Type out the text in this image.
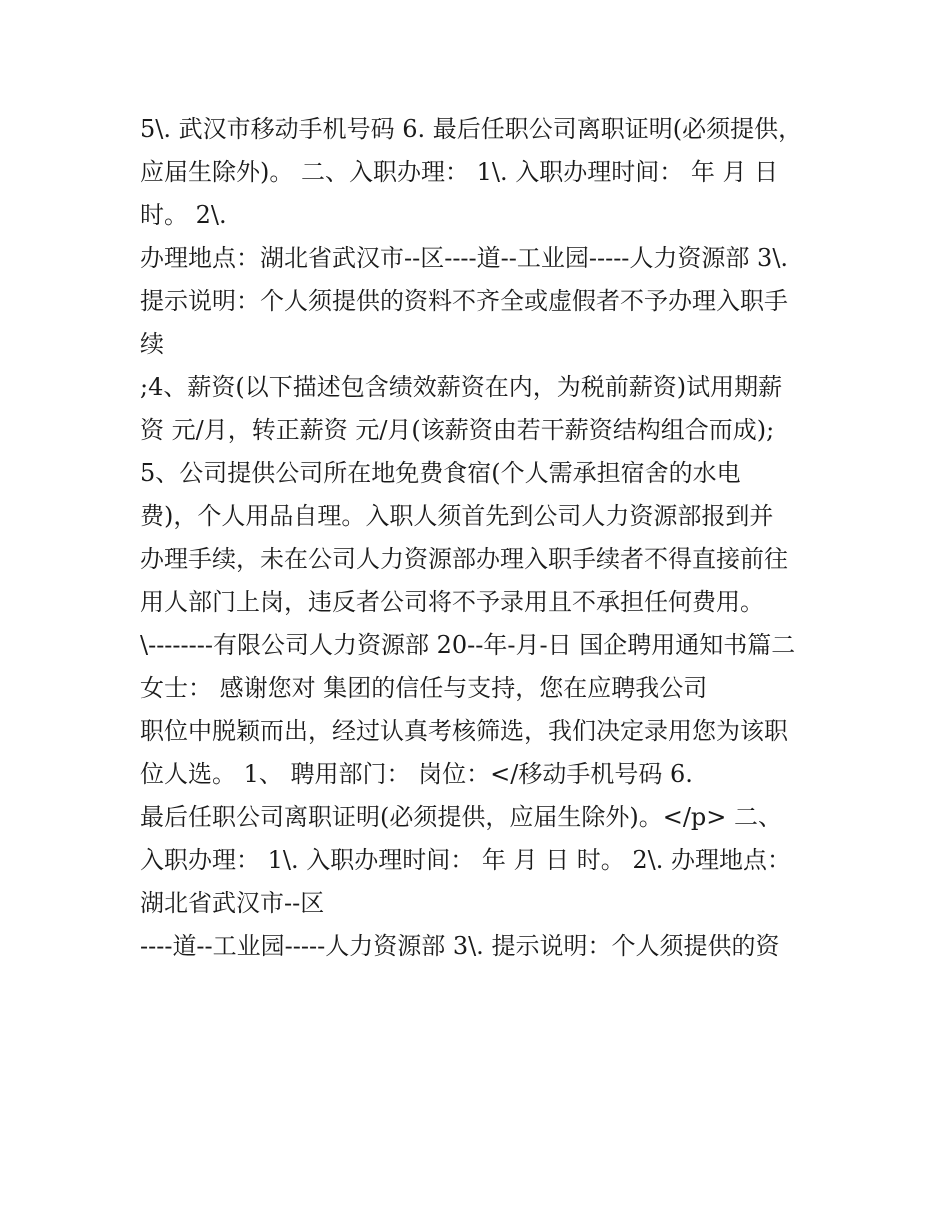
5\. 武汉市移动手机号码 6. 最后任职公司离职证明(必须提供，
应届生除外)。 二、入职办理： 1\. 入职办理时间： 年 月 日
时。 2\.
办理地点：湖北省武汉市--区----道--工业园-----人力资源部 3\.
提示说明：个人须提供的资料不齐全或虚假者不予办理入职手
续
;4、薪资(以下描述包含绩效薪资在内，为税前薪资)试用期薪
资 元/月，转正薪资 元/月(该薪资由若干薪资结构组合而成);
5、公司提供公司所在地免费食宿(个人需承担宿舍的水电
费)，个人用品自理。入职人须首先到公司人力资源部报到并
办理手续，未在公司人力资源部办理入职手续者不得直接前往
用人部门上岗，违反者公司将不予录用且不承担任何费用。
\--------有限公司人力资源部 20--年-月-日 国企聘用通知书篇二
女士： 感谢您对 集团的信任与支持，您在应聘我公司
职位中脱颖而出，经过认真考核筛选，我们决定录用您为该职
位人选。 1、 聘用部门： 岗位：</移动手机号码 6.
最后任职公司离职证明(必须提供，应届生除外)。</p> 二、
入职办理： 1\. 入职办理时间： 年 月 日 时。 2\. 办理地点：
湖北省武汉市--区
----道--工业园-----人力资源部 3\. 提示说明：个人须提供的资
